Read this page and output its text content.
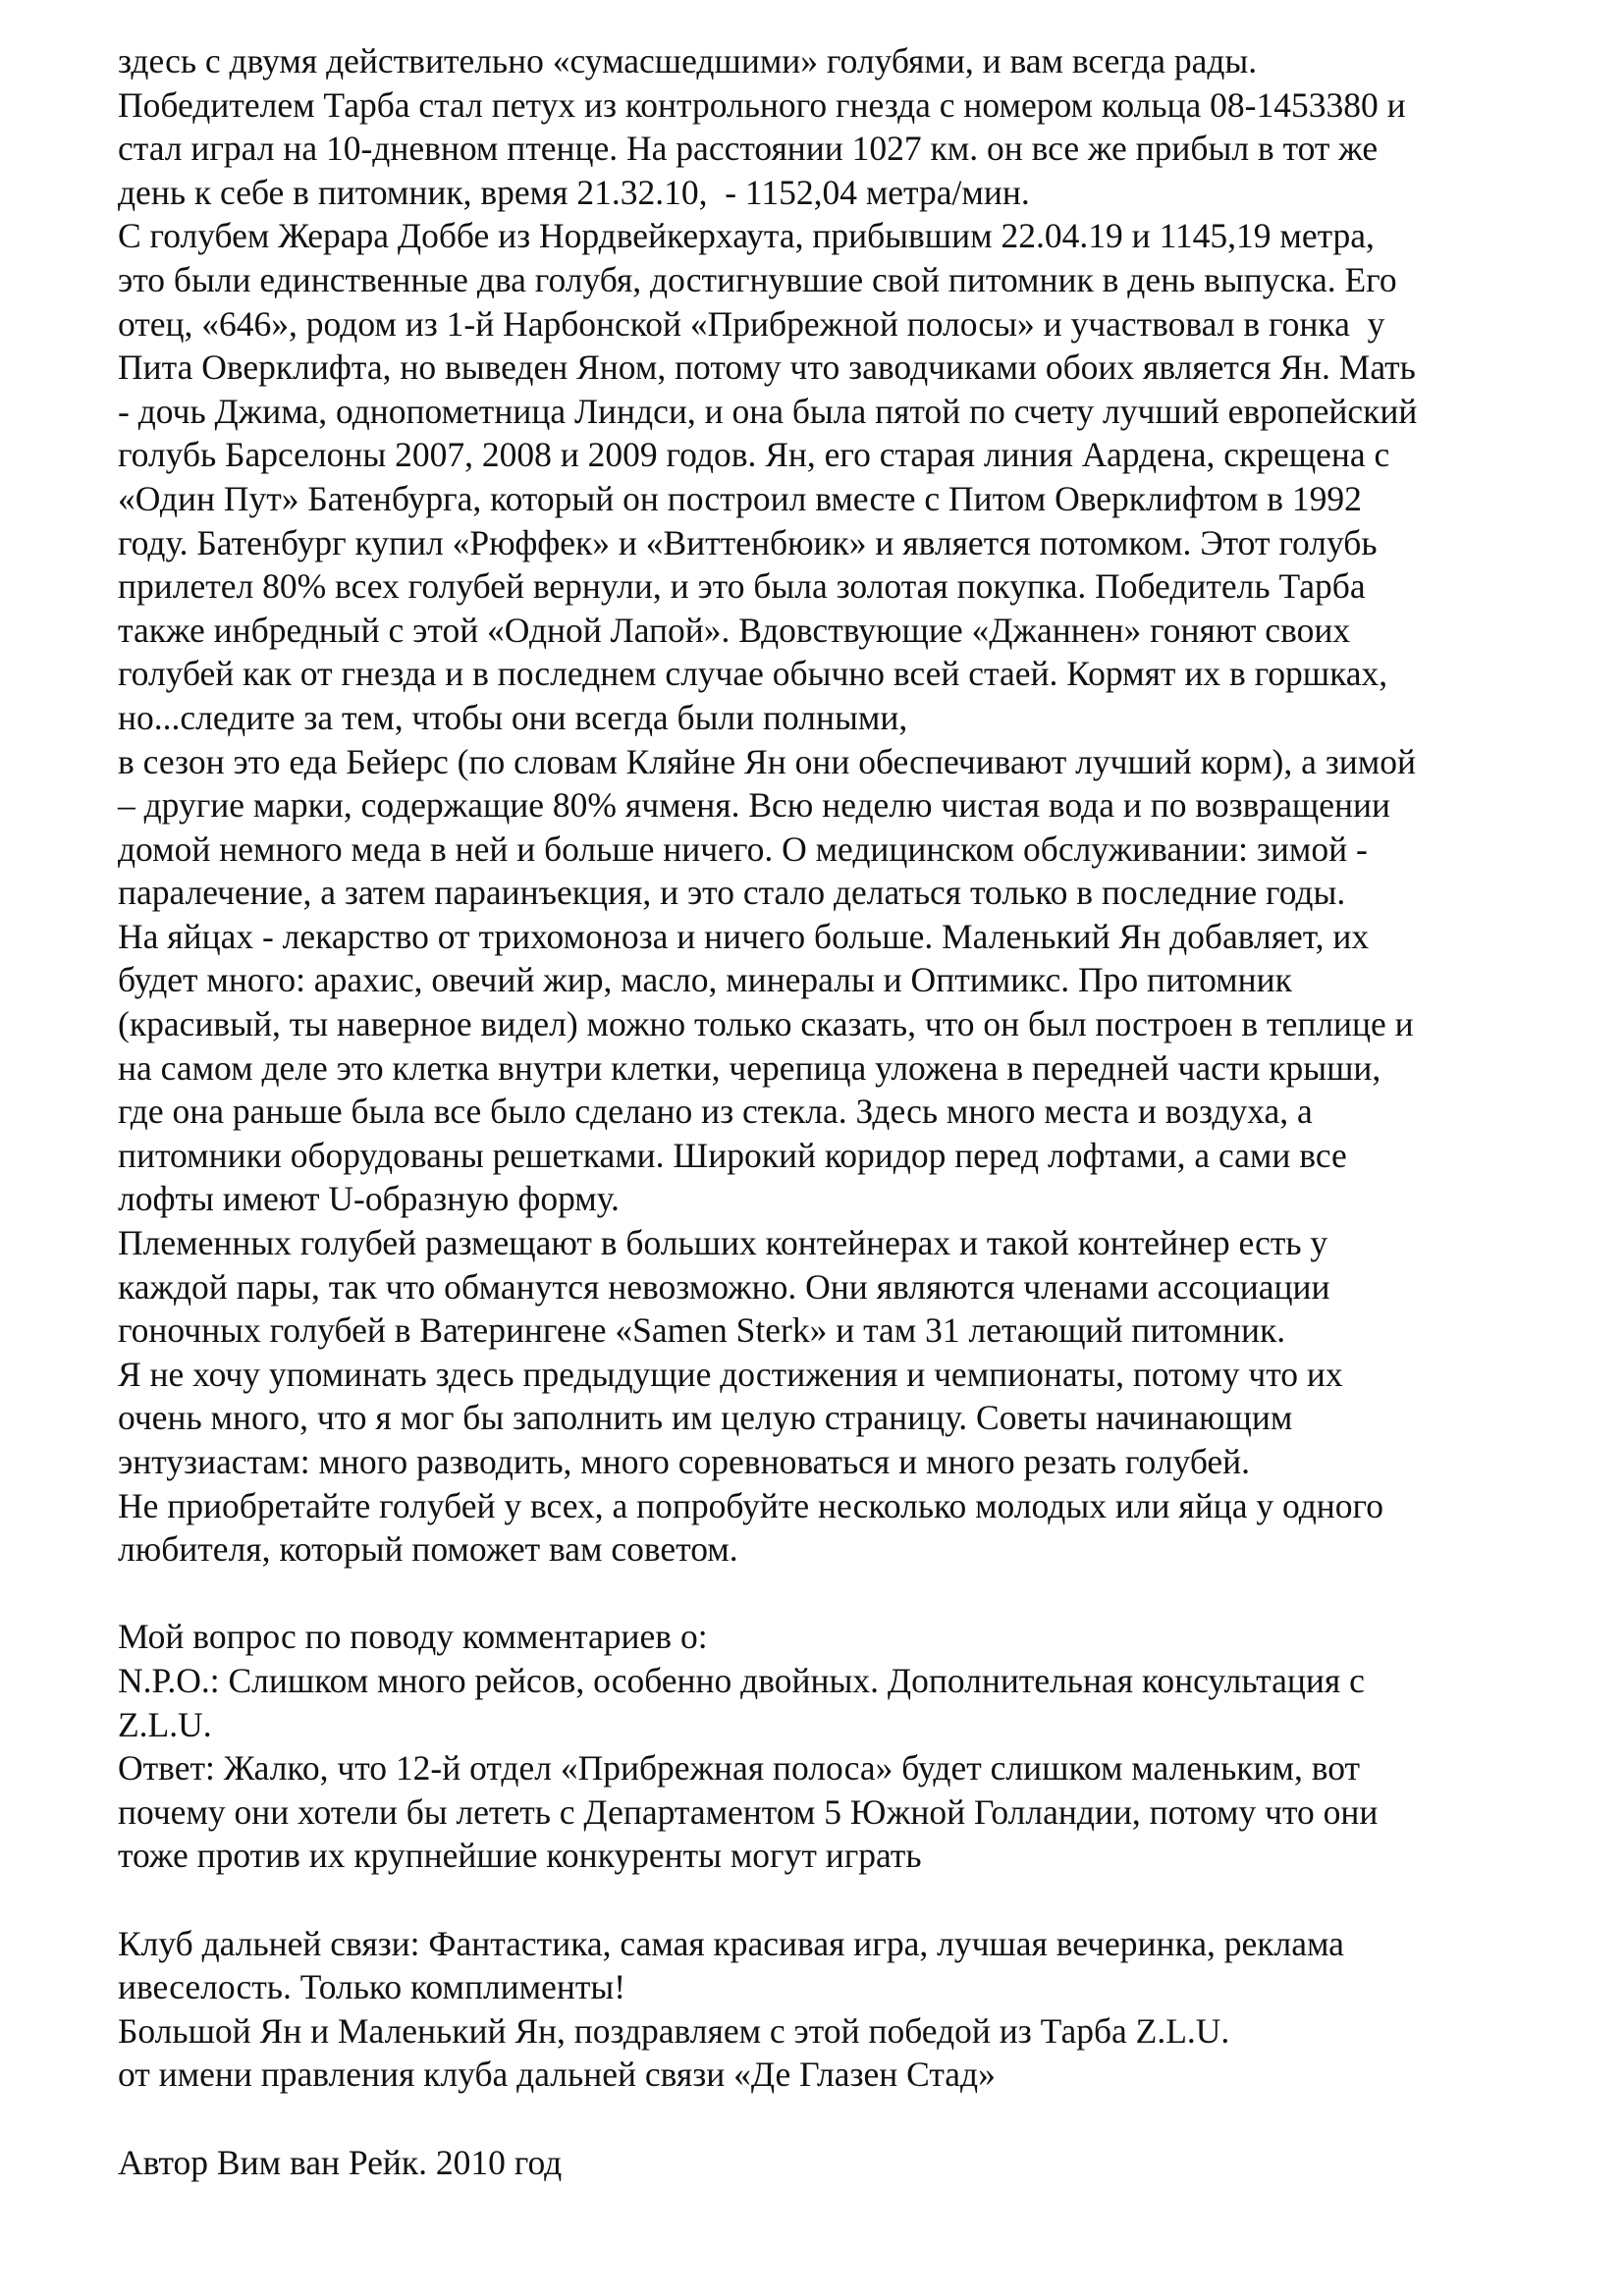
здесь с двумя действительно «сумасшедшими» голубями, и вам всегда рады.
Победителем Тарба стал петух из контрольного гнезда с номером кольца 08-1453380 и
стал играл на 10-дневном птенце. На расстоянии 1027 км. он все же прибыл в тот же
день к себе в питомник, время 21.32.10,  - 1152,04 метра/мин.
С голубем Жерара Доббе из Нордвейкерхаута, прибывшим 22.04.19 и 1145,19 метра,
это были единственные два голубя, достигнувшие свой питомник в день выпуска. Его
отец, «646», родом из 1-й Нарбонской «Прибрежной полосы» и участвовал в гонка  у
Пита Оверклифта, но выведен Яном, потому что заводчиками обоих является Ян. Мать
- дочь Джима, однопометница Линдси, и она была пятой по счету лучший европейский
голубь Барселоны 2007, 2008 и 2009 годов. Ян, его старая линия Аардена, скрещена с
«Один Пут» Батенбурга, который он построил вместе с Питом Оверклифтом в 1992
году. Батенбург купил «Рюффек» и «Виттенбюик» и является потомком. Этот голубь
прилетел 80% всех голубей вернули, и это была золотая покупка. Победитель Тарба
также инбредный с этой «Одной Лапой». Вдовствующие «Джаннен» гоняют своих
голубей как от гнезда и в последнем случае обычно всей стаей. Кормят их в горшках,
но...следите за тем, чтобы они всегда были полными,
в сезон это еда Бейерс (по словам Кляйне Ян они обеспечивают лучший корм), а зимой
– другие марки, содержащие 80% ячменя. Всю неделю чистая вода и по возвращении
домой немного меда в ней и больше ничего. О медицинском обслуживании: зимой -
паралечение, а затем параинъекция, и это стало делаться только в последние годы.
На яйцах - лекарство от трихомоноза и ничего больше. Маленький Ян добавляет, их
будет много: арахис, овечий жир, масло, минералы и Оптимикс. Про питомник
(красивый, ты наверное видел) можно только сказать, что он был построен в теплице и
на самом деле это клетка внутри клетки, черепица уложена в передней части крыши,
где она раньше была все было сделано из стекла. Здесь много места и воздуха, а
питомники оборудованы решетками. Широкий коридор перед лофтами, а сами все
лофты имеют U-образную форму.
Племенных голубей размещают в больших контейнерах и такой контейнер есть у
каждой пары, так что обманутся невозможно. Они являются членами ассоциации
гоночных голубей в Ватерингене «Samen Sterk» и там 31 летающий питомник.
Я не хочу упоминать здесь предыдущие достижения и чемпионаты, потому что их
очень много, что я мог бы заполнить им целую страницу. Советы начинающим
энтузиастам: много разводить, много соревноваться и много резать голубей.
Не приобретайте голубей у всех, а попробуйте несколько молодых или яйца у одного
любителя, который поможет вам советом.
Мой вопрос по поводу комментариев о:
N.P.O.: Слишком много рейсов, особенно двойных. Дополнительная консультация с
Z.L.U.
Ответ: Жалко, что 12-й отдел «Прибрежная полоса» будет слишком маленьким, вот
почему они хотели бы лететь с Департаментом 5 Южной Голландии, потому что они
тоже против их крупнейшие конкуренты могут играть
Клуб дальней связи: Фантастика, самая красивая игра, лучшая вечеринка, реклама
ивеселость. Только комплименты!
Большой Ян и Маленький Ян, поздравляем с этой победой из Тарба Z.L.U.
от имени правления клуба дальней связи «Де Глазен Стад»
Автор Вим ван Рейк. 2010 год
